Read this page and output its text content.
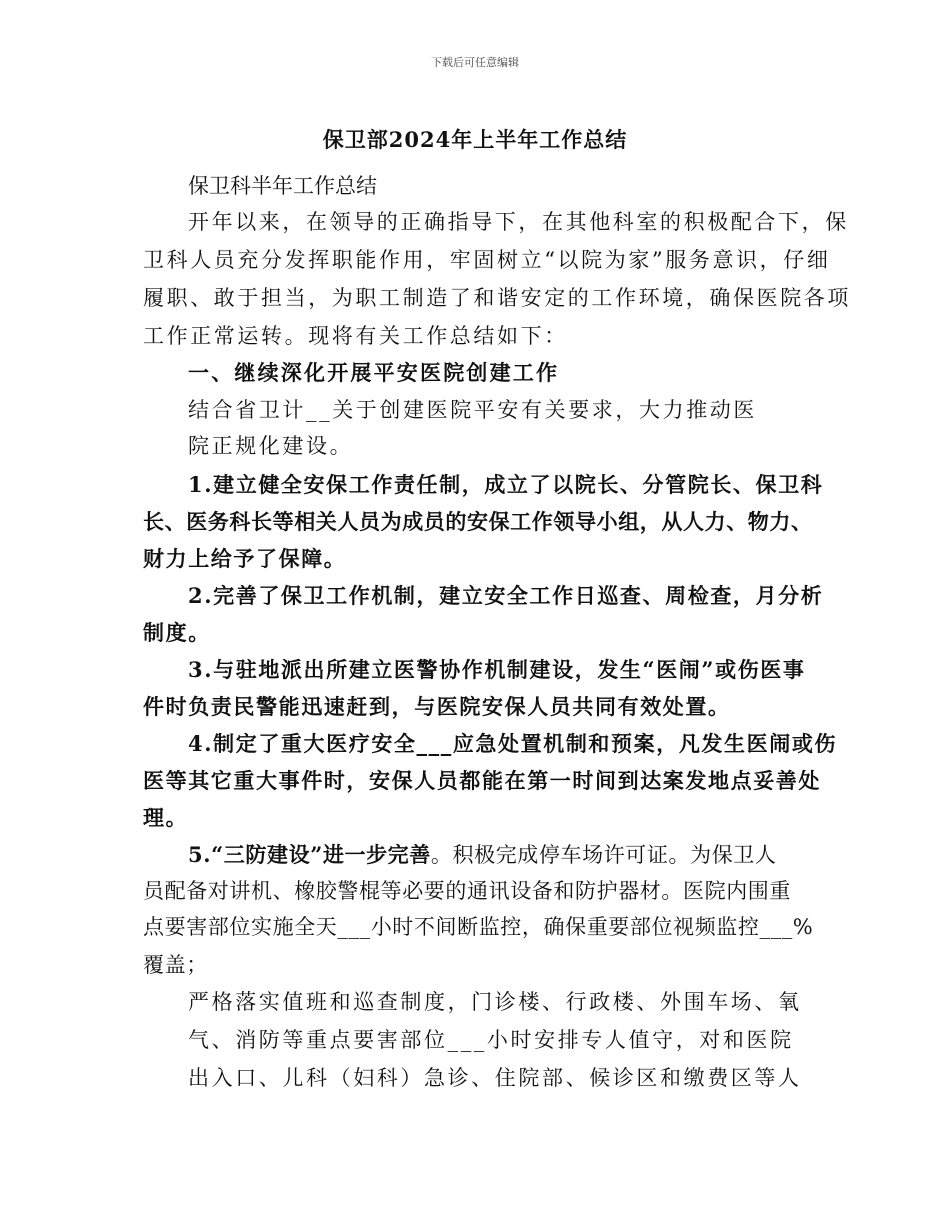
下载后可任意编辑
保卫部2024年上半年工作总结
保卫科半年工作总结
开年以来，在领导的正确指导下，在其他科室的积极配合下，保
卫科人员充分发挥职能作用，牢固树立“以院为家”服务意识，仔细
履职、敢于担当，为职工制造了和谐安定的工作环境，确保医院各项
工作正常运转。现将有关工作总结如下：
一、继续深化开展平安医院创建工作
结合省卫计__关于创建医院平安有关要求，大力推动医
院正规化建设。
1.建立健全安保工作责任制，成立了以院长、分管院长、保卫科
长、医务科长等相关人员为成员的安保工作领导小组，从人力、物力、
财力上给予了保障。
2.完善了保卫工作机制，建立安全工作日巡查、周检查，月分析
制度。
3.与驻地派出所建立医警协作机制建设，发生“医闹”或伤医事
件时负责民警能迅速赶到，与医院安保人员共同有效处置。
4.制定了重大医疗安全___应急处置机制和预案，凡发生医闹或伤
医等其它重大事件时，安保人员都能在第一时间到达案发地点妥善处
理。
5.“三防建设”进一步完善。积极完成停车场许可证。为保卫人
员配备对讲机、橡胶警棍等必要的通讯设备和防护器材。医院内围重
点要害部位实施全天___小时不间断监控，确保重要部位视频监控___%
覆盖；
严格落实值班和巡查制度，门诊楼、行政楼、外围车场、氧
气、消防等重点要害部位___小时安排专人值守，对和医院
出入口、儿科（妇科）急诊、住院部、候诊区和缴费区等人
